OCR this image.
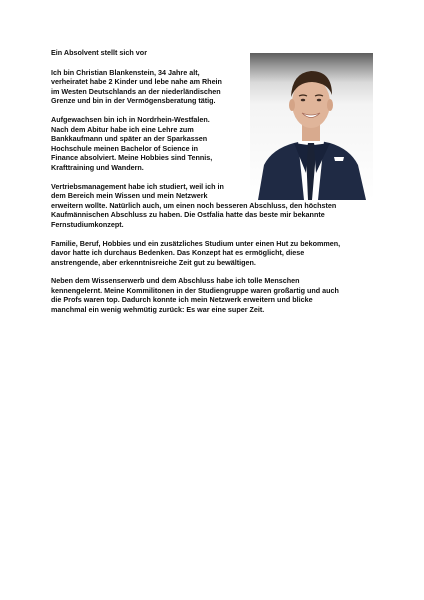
Ein Absolvent stellt sich vor

Ich bin Christian Blankenstein, 34 Jahre alt,
verheiratet habe 2 Kinder und lebe nahe am Rhein
im Westen Deutschlands an der niederländischen
Grenze und bin in der Vermögensberatung tätig.

Aufgewachsen bin ich in Nordrhein-Westfalen.
Nach dem Abitur habe ich eine Lehre zum
Bankkaufmann und später an der Sparkassen
Hochschule meinen Bachelor of Science in
Finance absolviert. Meine Hobbies sind Tennis,
Krafttraining und Wandern.

Vertriebsmanagement habe ich studiert, weil ich in
dem Bereich mein Wissen und mein Netzwerk
erweitern wollte. Natürlich auch, um einen noch besseren Abschluss, den höchsten
Kaufmännischen Abschluss zu haben. Die Ostfalia hatte das beste mir bekannte
Fernstudiumkonzept.

Familie, Beruf, Hobbies und ein zusätzliches Studium unter einen Hut zu bekommen,
davor hatte ich durchaus Bedenken. Das Konzept hat es ermöglicht, diese
anstrengende, aber erkenntnisreiche Zeit gut zu bewältigen.

Neben dem Wissenserwerb und dem Abschluss habe ich tolle Menschen
kennengelernt. Meine Kommilitonen in der Studiengruppe waren großartig und auch
die Profs waren top. Dadurch konnte ich mein Netzwerk erweitern und blicke
manchmal ein wenig wehmütig zurück: Es war eine super Zeit.
